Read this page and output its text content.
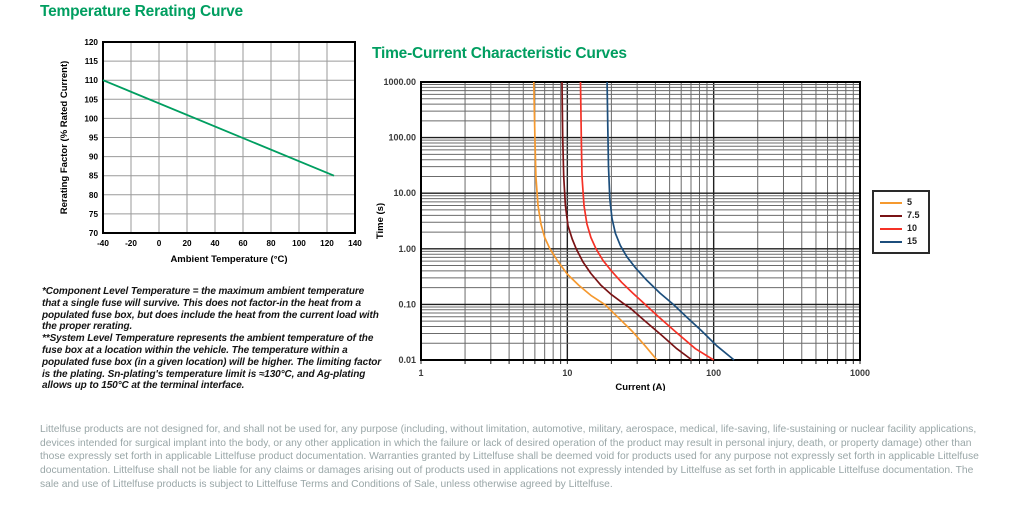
Temperature Rerating Curve
70
75
80
85
90
95
100
105
110
115
120
-40 -20 0	20 40 60 80 100 120 140
Ambient Temperature (°C)
Rerating Factor (% Rated Current)
Time-Current Characteristic Curves
1000.00
100.00
10.00
1.00
0.10
0.01
1	10	100	1000
Current (A)
Time (s)
5
7.5
10
15
*Component Level Temperature = the maximum ambient temperature that a single fuse will survive. This does not factor-in the heat from a populated fuse box, but does include the heat from the current load with the proper rerating.
**System Level Temperature represents the ambient temperature of the fuse box at a location within the vehicle. The temperature within a populated fuse box (in a given location) will be higher. The limiting factor is the plating. Sn-plating's temperature limit is ≈130°C, and Ag-plating allows up to 150°C at the terminal interface.

Littelfuse products are not designed for, and shall not be used for, any purpose (including, without limitation, automotive, military, aerospace, medical, life-saving, life-sustaining or nuclear facility applications, devices intended for surgical implant into the body, or any other application in which the failure or lack of desired operation of the product may result in personal injury, death, or property damage) other than those expressly set forth in applicable Littelfuse product documentation. Warranties granted by Littelfuse shall be deemed void for products used for any purpose not expressly set forth in applicable Littelfuse documentation. Littelfuse shall not be liable for any claims or damages arising out of products used in applications not expressly intended by Littelfuse as set forth in applicable Littelfuse documentation. The sale and use of Littelfuse products is subject to Littelfuse Terms and Conditions of Sale, unless otherwise agreed by Littelfuse.
